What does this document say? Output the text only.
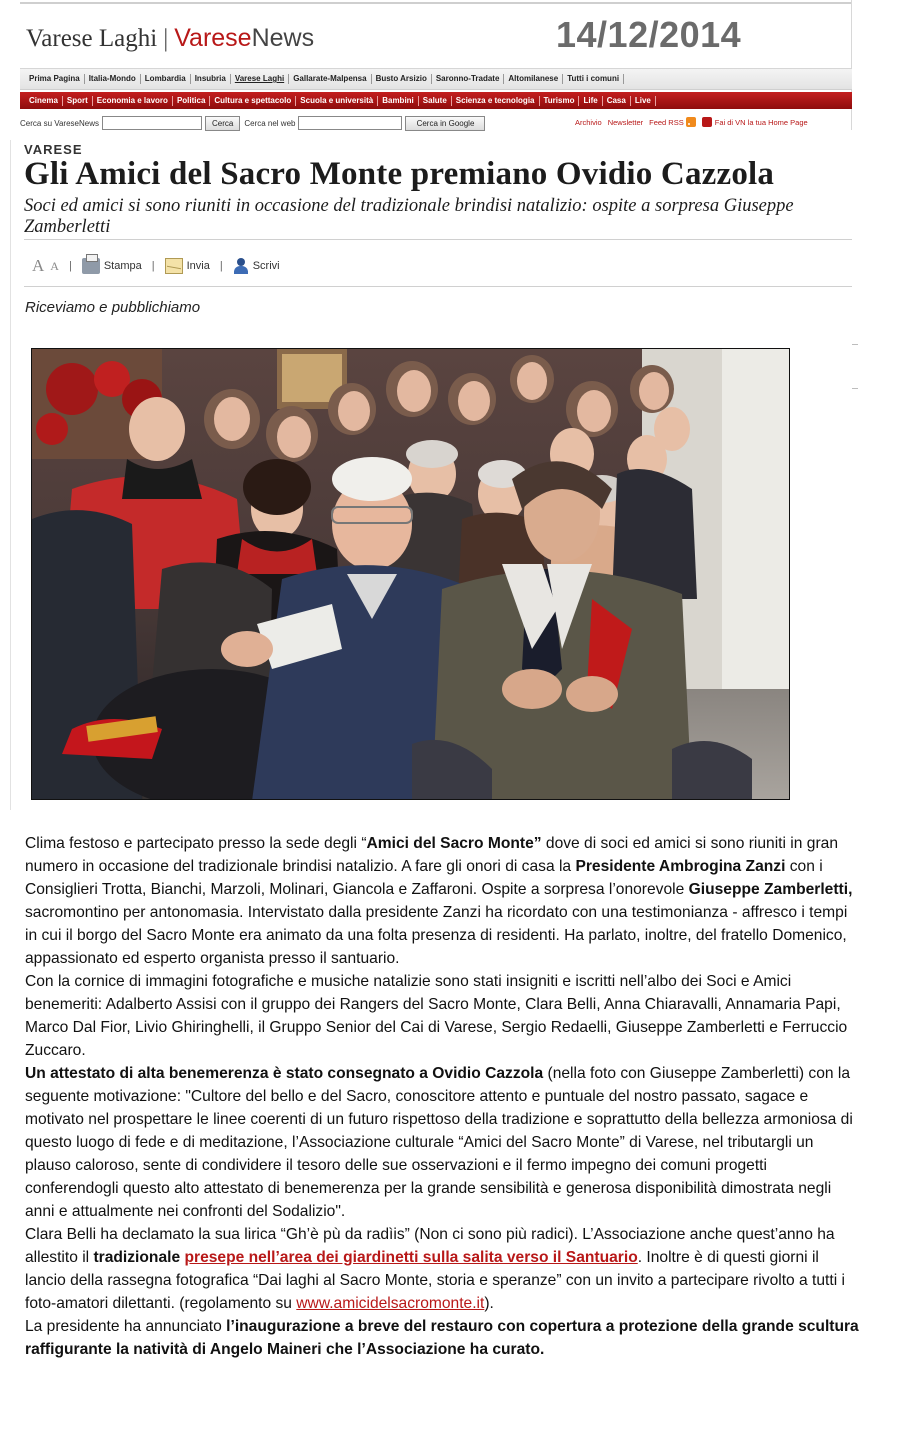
Varese Laghi | VareseNews	14/12/2014
Prima Pagina	Italia-Mondo	Lombardia	Insubria	Varese Laghi	Gallarate-Malpensa	Busto Arsizio	Saronno-Tradate	Altomilanese	Tutti i comuni
Cinema	Sport	Economia e lavoro	Politica	Cultura e spettacolo	Scuola e università	Bambini	Salute	Scienza e tecnologia	Turismo	Life	Casa	Live
Cerca su VareseNews	Cerca	Cerca nel web	Cerca in Google	Archivio Newsletter Feed RSS	Fai di VN la tua Home Page
VARESE
Gli Amici del Sacro Monte premiano Ovidio Cazzola
Soci ed amici si sono riuniti in occasione del tradizionale brindisi natalizio: ospite a sorpresa Giuseppe Zamberletti
A A |	Stampa |	Invia |	Scrivi
Riceviamo e pubblichiamo

Clima festoso e partecipato presso la sede degli “Amici del Sacro Monte” dove di soci ed amici si sono riuniti in gran numero in occasione del tradizionale brindisi natalizio. A fare gli onori di casa la Presidente Ambrogina Zanzi con i Consiglieri Trotta, Bianchi, Marzoli, Molinari, Giancola e Zaffaroni. Ospite a sorpresa l’onorevole Giuseppe Zamberletti, sacromontino per antonomasia. Intervistato dalla presidente Zanzi ha ricordato con una testimonianza - affresco i tempi in cui il borgo del Sacro Monte era animato da una folta presenza di residenti. Ha parlato, inoltre, del fratello Domenico, appassionato ed esperto organista presso il santuario.

Con la cornice di immagini fotografiche e musiche natalizie sono stati insigniti e iscritti nell’albo dei Soci e Amici benemeriti: Adalberto Assisi con il gruppo dei Rangers del Sacro Monte, Clara Belli, Anna Chiaravalli, Annamaria Papi, Marco Dal Fior, Livio Ghiringhelli, il Gruppo Senior del Cai di Varese, Sergio Redaelli, Giuseppe Zamberletti e Ferruccio Zuccaro.

Un attestato di alta benemerenza è stato consegnato a Ovidio Cazzola (nella foto con Giuseppe Zamberletti) con la seguente motivazione: "Cultore del bello e del Sacro, conoscitore attento e puntuale del nostro passato, sagace e motivato nel prospettare le linee coerenti di un futuro rispettoso della tradizione e soprattutto della bellezza armoniosa di questo luogo di fede e di meditazione, l’Associazione culturale “Amici del Sacro Monte” di Varese, nel tributargli un plauso caloroso, sente di condividere il tesoro delle sue osservazioni e il fermo impegno dei comuni progetti conferendogli questo alto attestato di benemerenza per la grande sensibilità e generosa disponibilità dimostrata negli anni e attualmente nei confronti del Sodalizio".

Clara Belli ha declamato la sua lirica “Gh’è pù da radìis” (Non ci sono più radici). L’Associazione anche quest’anno ha allestito il tradizionale presepe nell’area dei giardinetti sulla salita verso il Santuario. Inoltre è di questi giorni il lancio della rassegna fotografica “Dai laghi al Sacro Monte, storia e speranze” con un invito a partecipare rivolto a tutti i foto-amatori dilettanti. (regolamento su www.amicidelsacromonte.it).

La presidente ha annunciato l’inaugurazione a breve del restauro con copertura a protezione della grande scultura raffigurante la natività di Angelo Maineri che l’Associazione ha curato.
